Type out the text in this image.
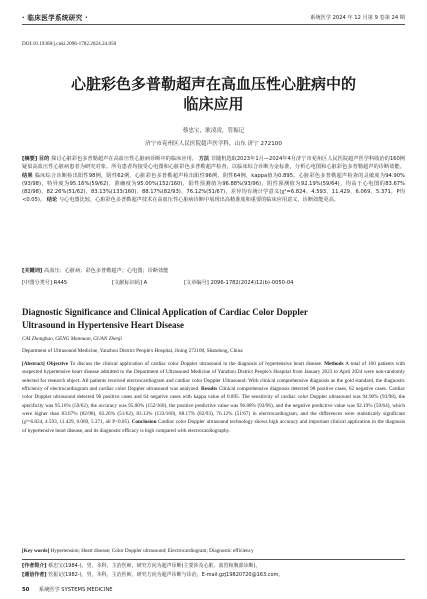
· 临床医学系统研究 ·	系统医学 2024 年 12 月第 9 卷第 24 期
DOI:10.19368/j.cnki.2096-1782.2024.24.050
心脏彩色多普勒超声在高血压性心脏病中的
临床应用
蔡忠宝，耿凌凌，管振记
济宁市兖州区人民医院超声医学科，山东 济宁 272100
[摘要] 目的 探讨心脏彩色多普勒超声在高血压性心脏病诊断中的临床应用。 方法 非随机选取2023年1月—2024年4月济宁市兖州区人民医院超声医学科收治的160例疑似高血压性心脏病患者为研究对象。所有患者均接受心电图和心脏彩色多普勒超声检查，以临床综合诊断为金标准，分析心电图和心脏彩色多普勒超声的诊断效能。 结果 临床综合诊断检出阳性98例，阴性62例。心脏彩色多普勒超声检出阳性96例，阴性64例，kappa值为0.895。心脏彩色多普勒超声检查的灵敏度为94.90%(93/98)，特异度为95.16%(59/62)，准确度为95.00%(152/160)，阳性预测值为96.88%(93/96)，阴性预测值为92.19%(59/64)，均高于心电图的83.67%(82/98)、82.26%(51/62)、83.13%(133/160)、88.17%(82/93)、76.12%(51/67)，差异均有统计学意义(χ²=6.824、4.593、11.429、6.069、5.371，P均<0.05)。 结论 与心电图比较，心脏彩色多普勒超声技术在高血压性心脏病诊断中展现出高精准度和重要的临床应用意义，诊断效能更高。
[关键词] 高血压；心脏病；彩色多普勒超声；心电图；诊断效能
[中图分类号] R445	[文献标识码] A	[文章编号] 2096-1782(2024)12(b)-0050-04
Diagnostic Significance and Clinical Application of Cardiac Color Doppler
Ultrasound in Hypertensive Heart Disease
CAI Zhongbao, GENG Mannuan, GUAN Zhenji
Department of Ultrasound Medicine, Yanzhou District People's Hospital, Jining 272100, Shandong, China
[Abstract] Objective To discuss the clinical application of cardiac color Doppler ultrasound in the diagnosis of hypertensive heart disease. Methods A total of 160 patients with suspected hypertensive heart disease admitted to the Department of Ultrasound Medicine of Yanzhou District People's Hospital from January 2023 to April 2024 were non-randomly selected for research object. All patients received electrocardiogram and cardiac color Doppler Ultrasound. With clinical comprehensive diagnosis as the gold standard, the diagnostic efficiency of electrocardiogram and cardiac color Doppler ultrasound was analyzed. Results Clinical comprehensive diagnosis detected 98 positive cases, 62 negative cases. Cardiac color Doppler ultrasound detected 96 positive cases and 64 negative cases with kappa value of 0.895. The sensitivity of cardiac color Doppler ultrasound was 94.90% (93/98), the specificity was 95.16% (59/62), the accuracy was 95.00% (152/160), the positive predictive value was 96.88% (93/96), and the negative predictive value was 92.19% (59/64), which were higher than 83.67% (82/98), 82.26% (51/62), 83.13% (133/160), 88.17% (82/93), 76.12% (51/67) in electrocardiogram, and the differences were statistically significant (χ²=6.824, 4.593, 11.429, 6.069, 5.371, all P<0.05). Conclusion Cardiac color Doppler ultrasound technology shows high accuracy and important clinical application in the diagnosis of hypertensive heart disease, and its diagnostic efficacy is high compared with electrocardiography.
[Key words] Hypertension; Heart disease; Color Doppler ultrasound; Electrocardiogram; Diagnostic efficiency
[作者简介] 蔡忠宝(1984-)，男，本科，主治医师，研究方向为超声诊断(主要涉及心脏、血管和腹部诊断)。
[通信作者] 管振记(1982-)，男，本科，主治医师，研究方向为超声诊断与诊治，E-mail:gzj19820720@163.com。
50 系统医学 SYSTEMS MEDICINE
